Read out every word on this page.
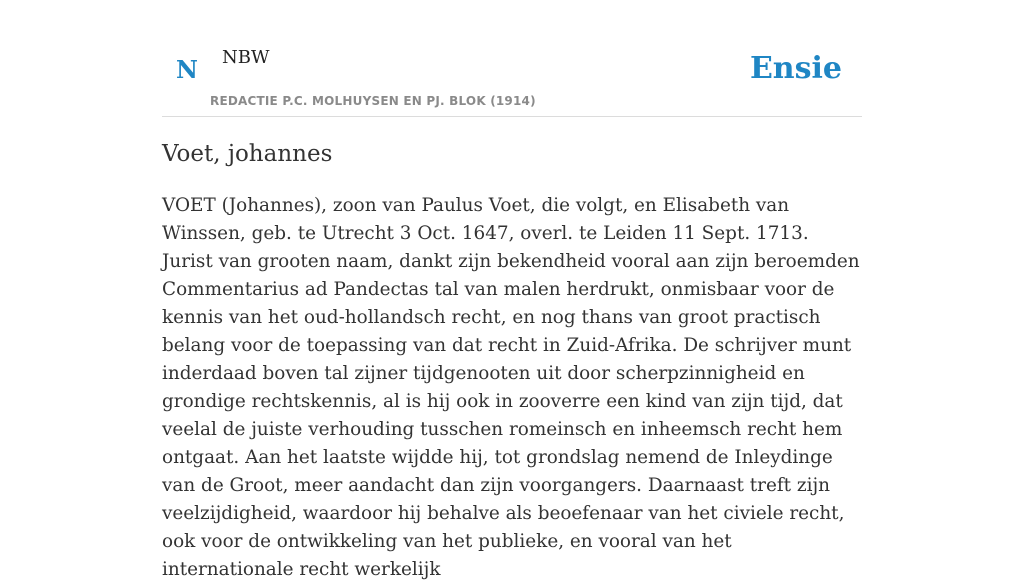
N NBW
REDACTIE P.C. MOLHUYSEN EN PJ. BLOK (1914)
Ensie
Voet, johannes

VOET (Johannes), zoon van Paulus Voet, die volgt, en Elisabeth van Winssen, geb. te Utrecht 3 Oct. 1647, overl. te Leiden 11 Sept. 1713. Jurist van grooten naam, dankt zijn bekendheid vooral aan zijn beroemden Commentarius ad Pandectas tal van malen herdrukt, onmisbaar voor de kennis van het oud-hollandsch recht, en nog thans van groot practisch belang voor de toepassing van dat recht in Zuid-Afrika. De schrijver munt inderdaad boven tal zijner tijdgenooten uit door scherpzinnigheid en grondige rechtskennis, al is hij ook in zooverre een kind van zijn tijd, dat veelal de juiste verhouding tusschen romeinsch en inheemsch recht hem ontgaat. Aan het laatste wijdde hij, tot grondslag nemend de Inleydinge van de Groot, meer aandacht dan zijn voorgangers. Daarnaast treft zijn veelzijdigheid, waardoor hij behalve als beoefenaar van het civiele recht, ook voor de ontwikkeling van het publieke, en vooral van het internationale recht werkelijk
